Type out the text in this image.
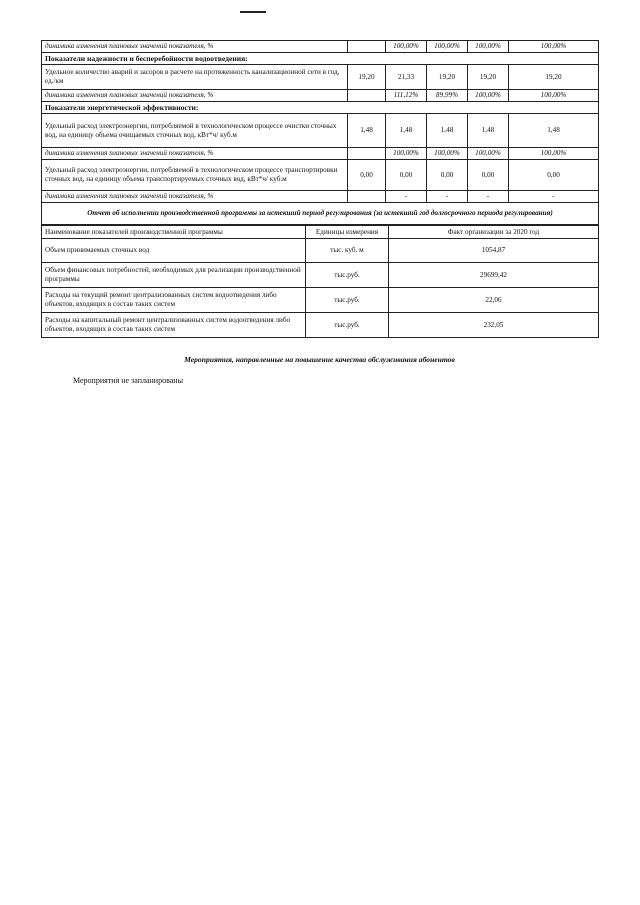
динамика изменения плановых значений показателя, %		100,00%	100,00%	100,00%	100,00%
Показатели надежности и бесперебойности водоотведения:					
Удельное количество аварий и засоров в расчете на протяженность канализационной сети в год, ед./км	19,20	21,33	19,20	19,20	19,20
динамика изменения плановых значений показателя, %		111,12%	89,99%	100,00%	100,00%
Показатели энергетической эффективности:					
Удельный расход электроэнергии, потребляемой в технологическом процессе очистки сточных вод, на единицу объема очищаемых сточных вод, кВт*ч/ куб.м	1,48	1,48	1,48	1,48	1,48
динамика изменения плановых значений показателя, %		100,00%	100,00%	100,00%	100,00%
Удельный расход электроэнергии, потребляемой в технологическом процессе транспортировки сточных вод, на единицу объема транспортируемых сточных вод, кВт*ч/ куб.м	0,00	0,00	0,00	0,00	0,00
динамика изменения плановых значений показателя, %		-	-	-	-
Отчет об исполнении производственной программы за истекший период регулирования (за истекший год долгосрочного периода регулирования)					
Наименование показателей производственной программы	Единицы измерения	Факт организации за 2020 год
Объем принимаемых сточных вод	тыс. куб. м	1054,87
Объем финансовых потребностей, необходимых для реализации производственной программы	тыс.руб.	29699,42
Расходы на текущий ремонт централизованных систем водоотведения либо объектов, входящих в состав таких систем	тыс.руб.	22,06
Расходы на капитальный ремонт централизованных систем водоотведения либо объектов, входящих в состав таких систем	тыс.руб.	232,05
Мероприятия, направленные на повышение качества обслуживания абонентов
Мероприятия не запланированы
